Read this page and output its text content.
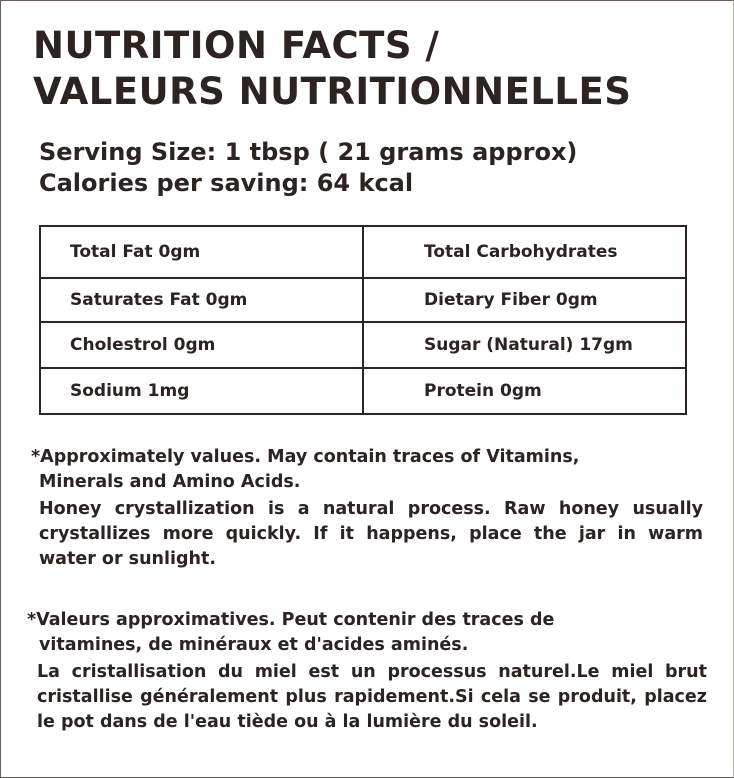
NUTRITION FACTS /
VALEURS NUTRITIONNELLES
Serving Size: 1 tbsp ( 21 grams approx)
Calories per saving: 64 kcal
Total Fat 0gm	Total Carbohydrates
Saturates Fat 0gm	Dietary Fiber 0gm
Cholestrol 0gm	Sugar (Natural) 17gm
Sodium 1mg	Protein 0gm

*Approximately values. May contain traces of Vitamins,

Minerals and Amino Acids.

Honey crystallization is a natural process. Raw honey usually crystallizes more quickly. If it happens, place the jar in warm water or sunlight.

*Valeurs approximatives. Peut contenir des traces de

vitamines, de minéraux et d'acides aminés.

La cristallisation du miel est un processus naturel.Le miel brut cristallise généralement plus rapidement.Si cela se produit, placez le pot dans de l'eau tiède ou à la lumière du soleil.
